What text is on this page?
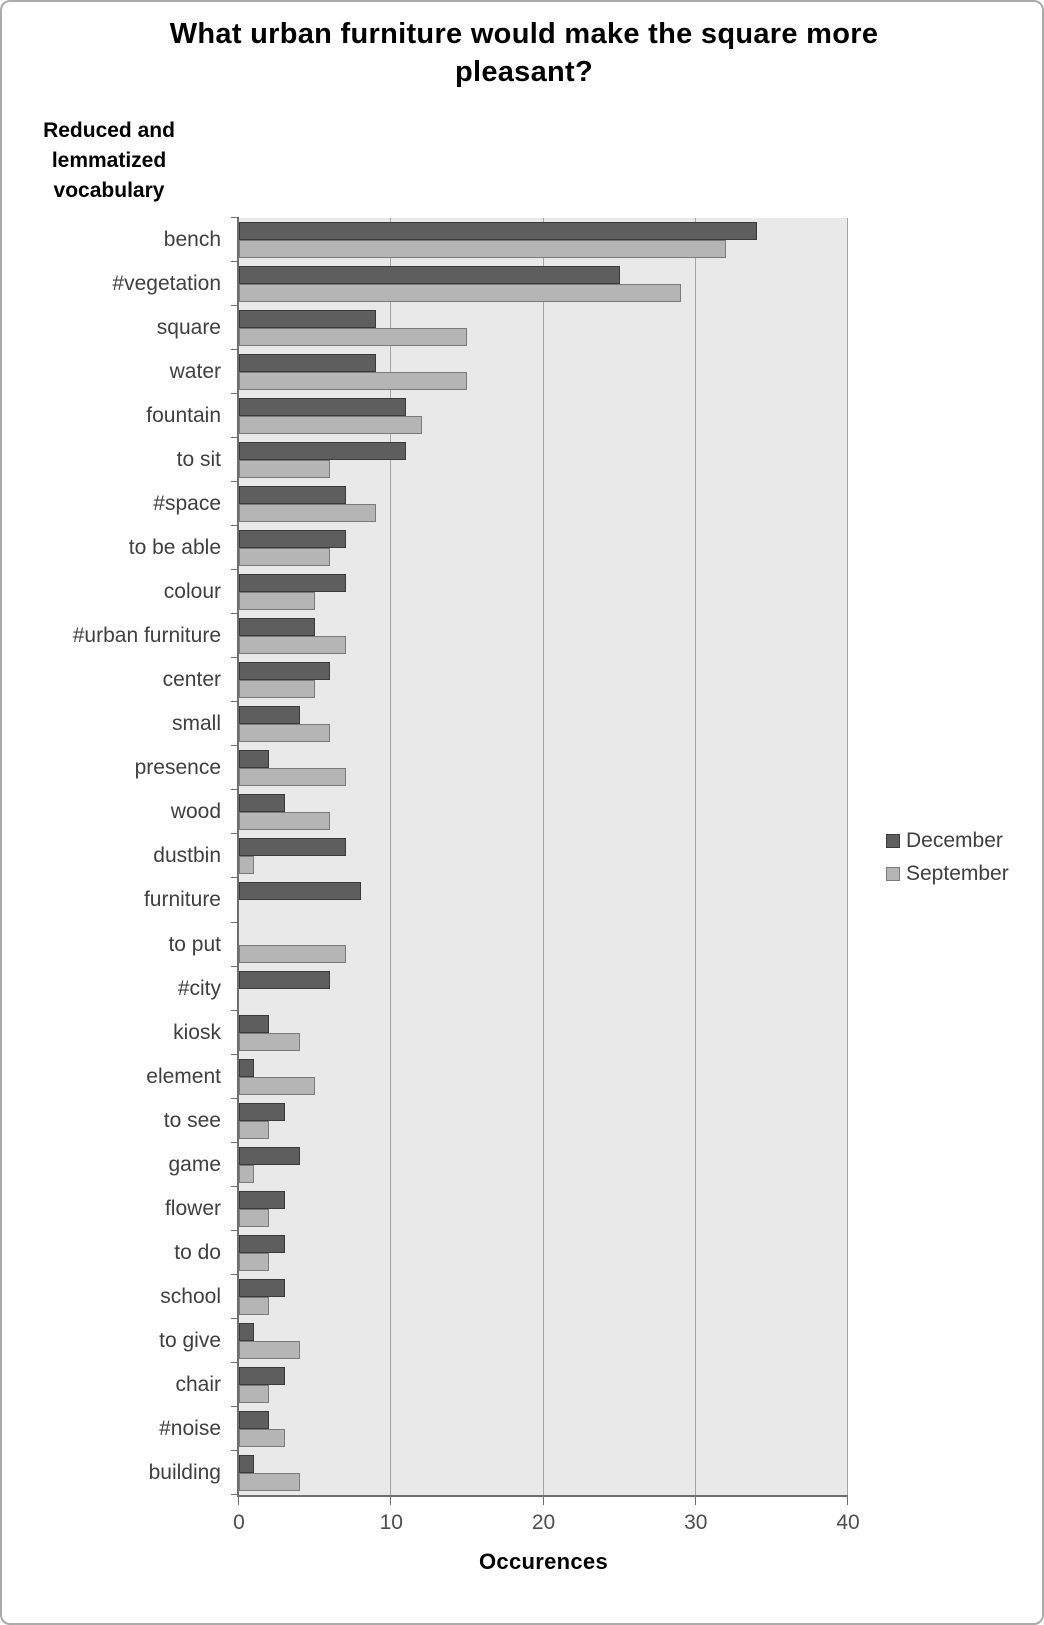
What urban furniture would make the square more pleasant?
Reduced and lemmatized vocabulary
bench
#vegetation
square
water
fountain
to sit
#space
to be able
colour
#urban furniture
center
small
presence
wood
dustbin
furniture
to put
#city
kiosk
element
to see
game
flower
to do
school
to give
chair
#noise
building
0	10	20	30	40
Occurences
December
September
